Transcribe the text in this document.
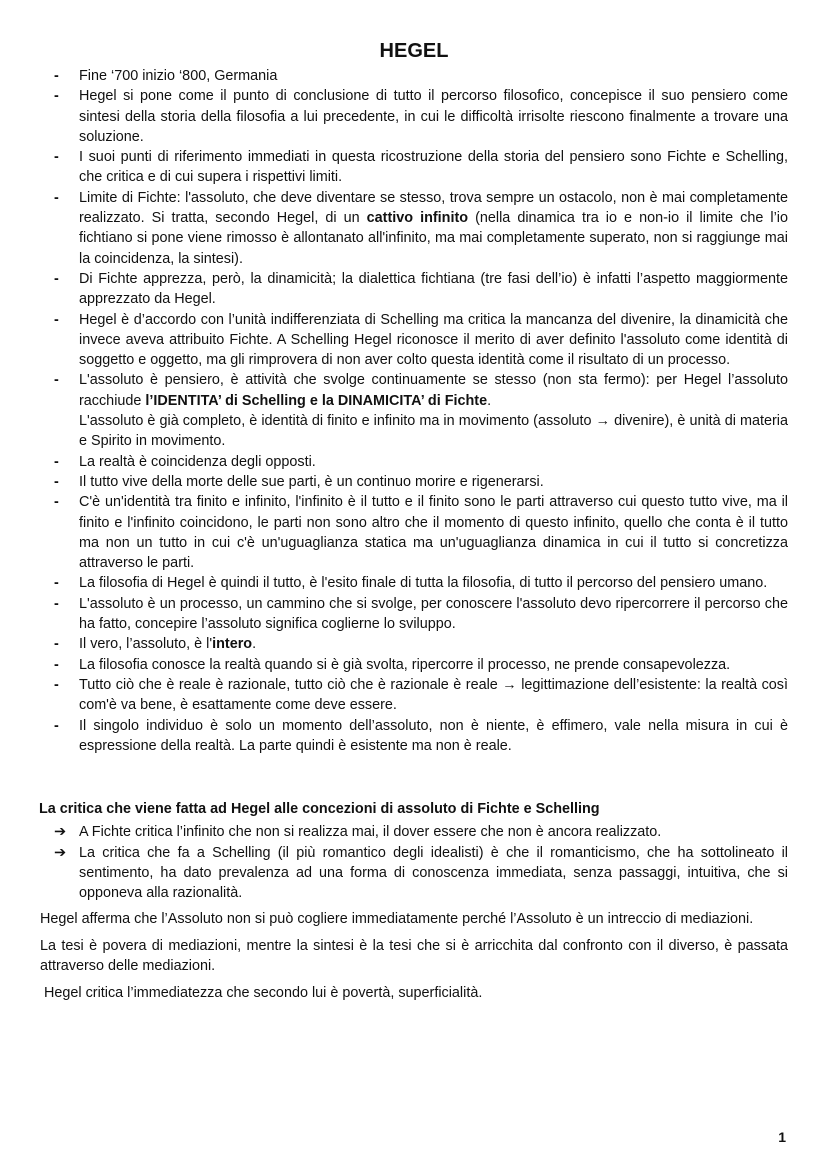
HEGEL
- Fine ‘700 inizio ‘800, Germania

- Hegel si pone come il punto di conclusione di tutto il percorso filosofico, concepisce il suo pensiero come sintesi della storia della filosofia a lui precedente, in cui le difficoltà irrisolte riescono finalmente a trovare una soluzione.

- I suoi punti di riferimento immediati in questa ricostruzione della storia del pensiero sono Fichte e Schelling, che critica e di cui supera i rispettivi limiti.

- Limite di Fichte: l'assoluto, che deve diventare se stesso, trova sempre un ostacolo, non è mai completamente realizzato. Si tratta, secondo Hegel, di un cattivo infinito (nella dinamica tra io e non-io il limite che l’io fichtiano si pone viene rimosso è allontanato all'infinito, ma mai completamente superato, non si raggiunge mai la coincidenza, la sintesi).

- Di Fichte apprezza, però, la dinamicità; la dialettica fichtiana (tre fasi dell’io) è infatti l’aspetto maggiormente apprezzato da Hegel.

- Hegel è d’accordo con l’unità indifferenziata di Schelling ma critica la mancanza del divenire, la dinamicità che invece aveva attribuito Fichte. A Schelling Hegel riconosce il merito di aver definito l'assoluto come identità di soggetto e oggetto, ma gli rimprovera di non aver colto questa identità come il risultato di un processo.

- L'assoluto è pensiero, è attività che svolge continuamente se stesso (non sta fermo): per Hegel l’assoluto racchiude l’IDENTITA’ di Schelling e la DINAMICITA’ di Fichte.

L'assoluto è già completo, è identità di finito e infinito ma in movimento (assoluto → divenire), è unità di materia e Spirito in movimento.

- La realtà è coincidenza degli opposti.

- Il tutto vive della morte delle sue parti, è un continuo morire e rigenerarsi.

- C'è un'identità tra finito e infinito, l'infinito è il tutto e il finito sono le parti attraverso cui questo tutto vive, ma il finito e l'infinito coincidono, le parti non sono altro che il momento di questo infinito, quello che conta è il tutto ma non un tutto in cui c'è un'uguaglianza statica ma un'uguaglianza dinamica in cui il tutto si concretizza attraverso le parti.

- La filosofia di Hegel è quindi il tutto, è l'esito finale di tutta la filosofia, di tutto il percorso del pensiero umano.

- L'assoluto è un processo, un cammino che si svolge, per conoscere l'assoluto devo ripercorrere il percorso che ha fatto, concepire l’assoluto significa coglierne lo sviluppo.

- Il vero, l’assoluto, è l'intero.

- La filosofia conosce la realtà quando si è già svolta, ripercorre il processo, ne prende consapevolezza.

- Tutto ciò che è reale è razionale, tutto ciò che è razionale è reale → legittimazione dell’esistente: la realtà così com'è va bene, è esattamente come deve essere.

- Il singolo individuo è solo un momento dell’assoluto, non è niente, è effimero, vale nella misura in cui è espressione della realtà. La parte quindi è esistente ma non è reale.

La critica che viene fatta ad Hegel alle concezioni di assoluto di Fichte e Schelling

➔ A Fichte critica l’infinito che non si realizza mai, il dover essere che non è ancora realizzato.
➔ La critica che fa a Schelling (il più romantico degli idealisti) è che il romanticismo, che ha sottolineato il sentimento, ha dato prevalenza ad una forma di conoscenza immediata, senza passaggi, intuitiva, che si opponeva alla razionalità.

Hegel afferma che l’Assoluto non si può cogliere immediatamente perché l’Assoluto è un intreccio di mediazioni.

La tesi è povera di mediazioni, mentre la sintesi è la tesi che si è arricchita dal confronto con il diverso, è passata attraverso delle mediazioni.

Hegel critica l’immediatezza che secondo lui è povertà, superficialità.

1
